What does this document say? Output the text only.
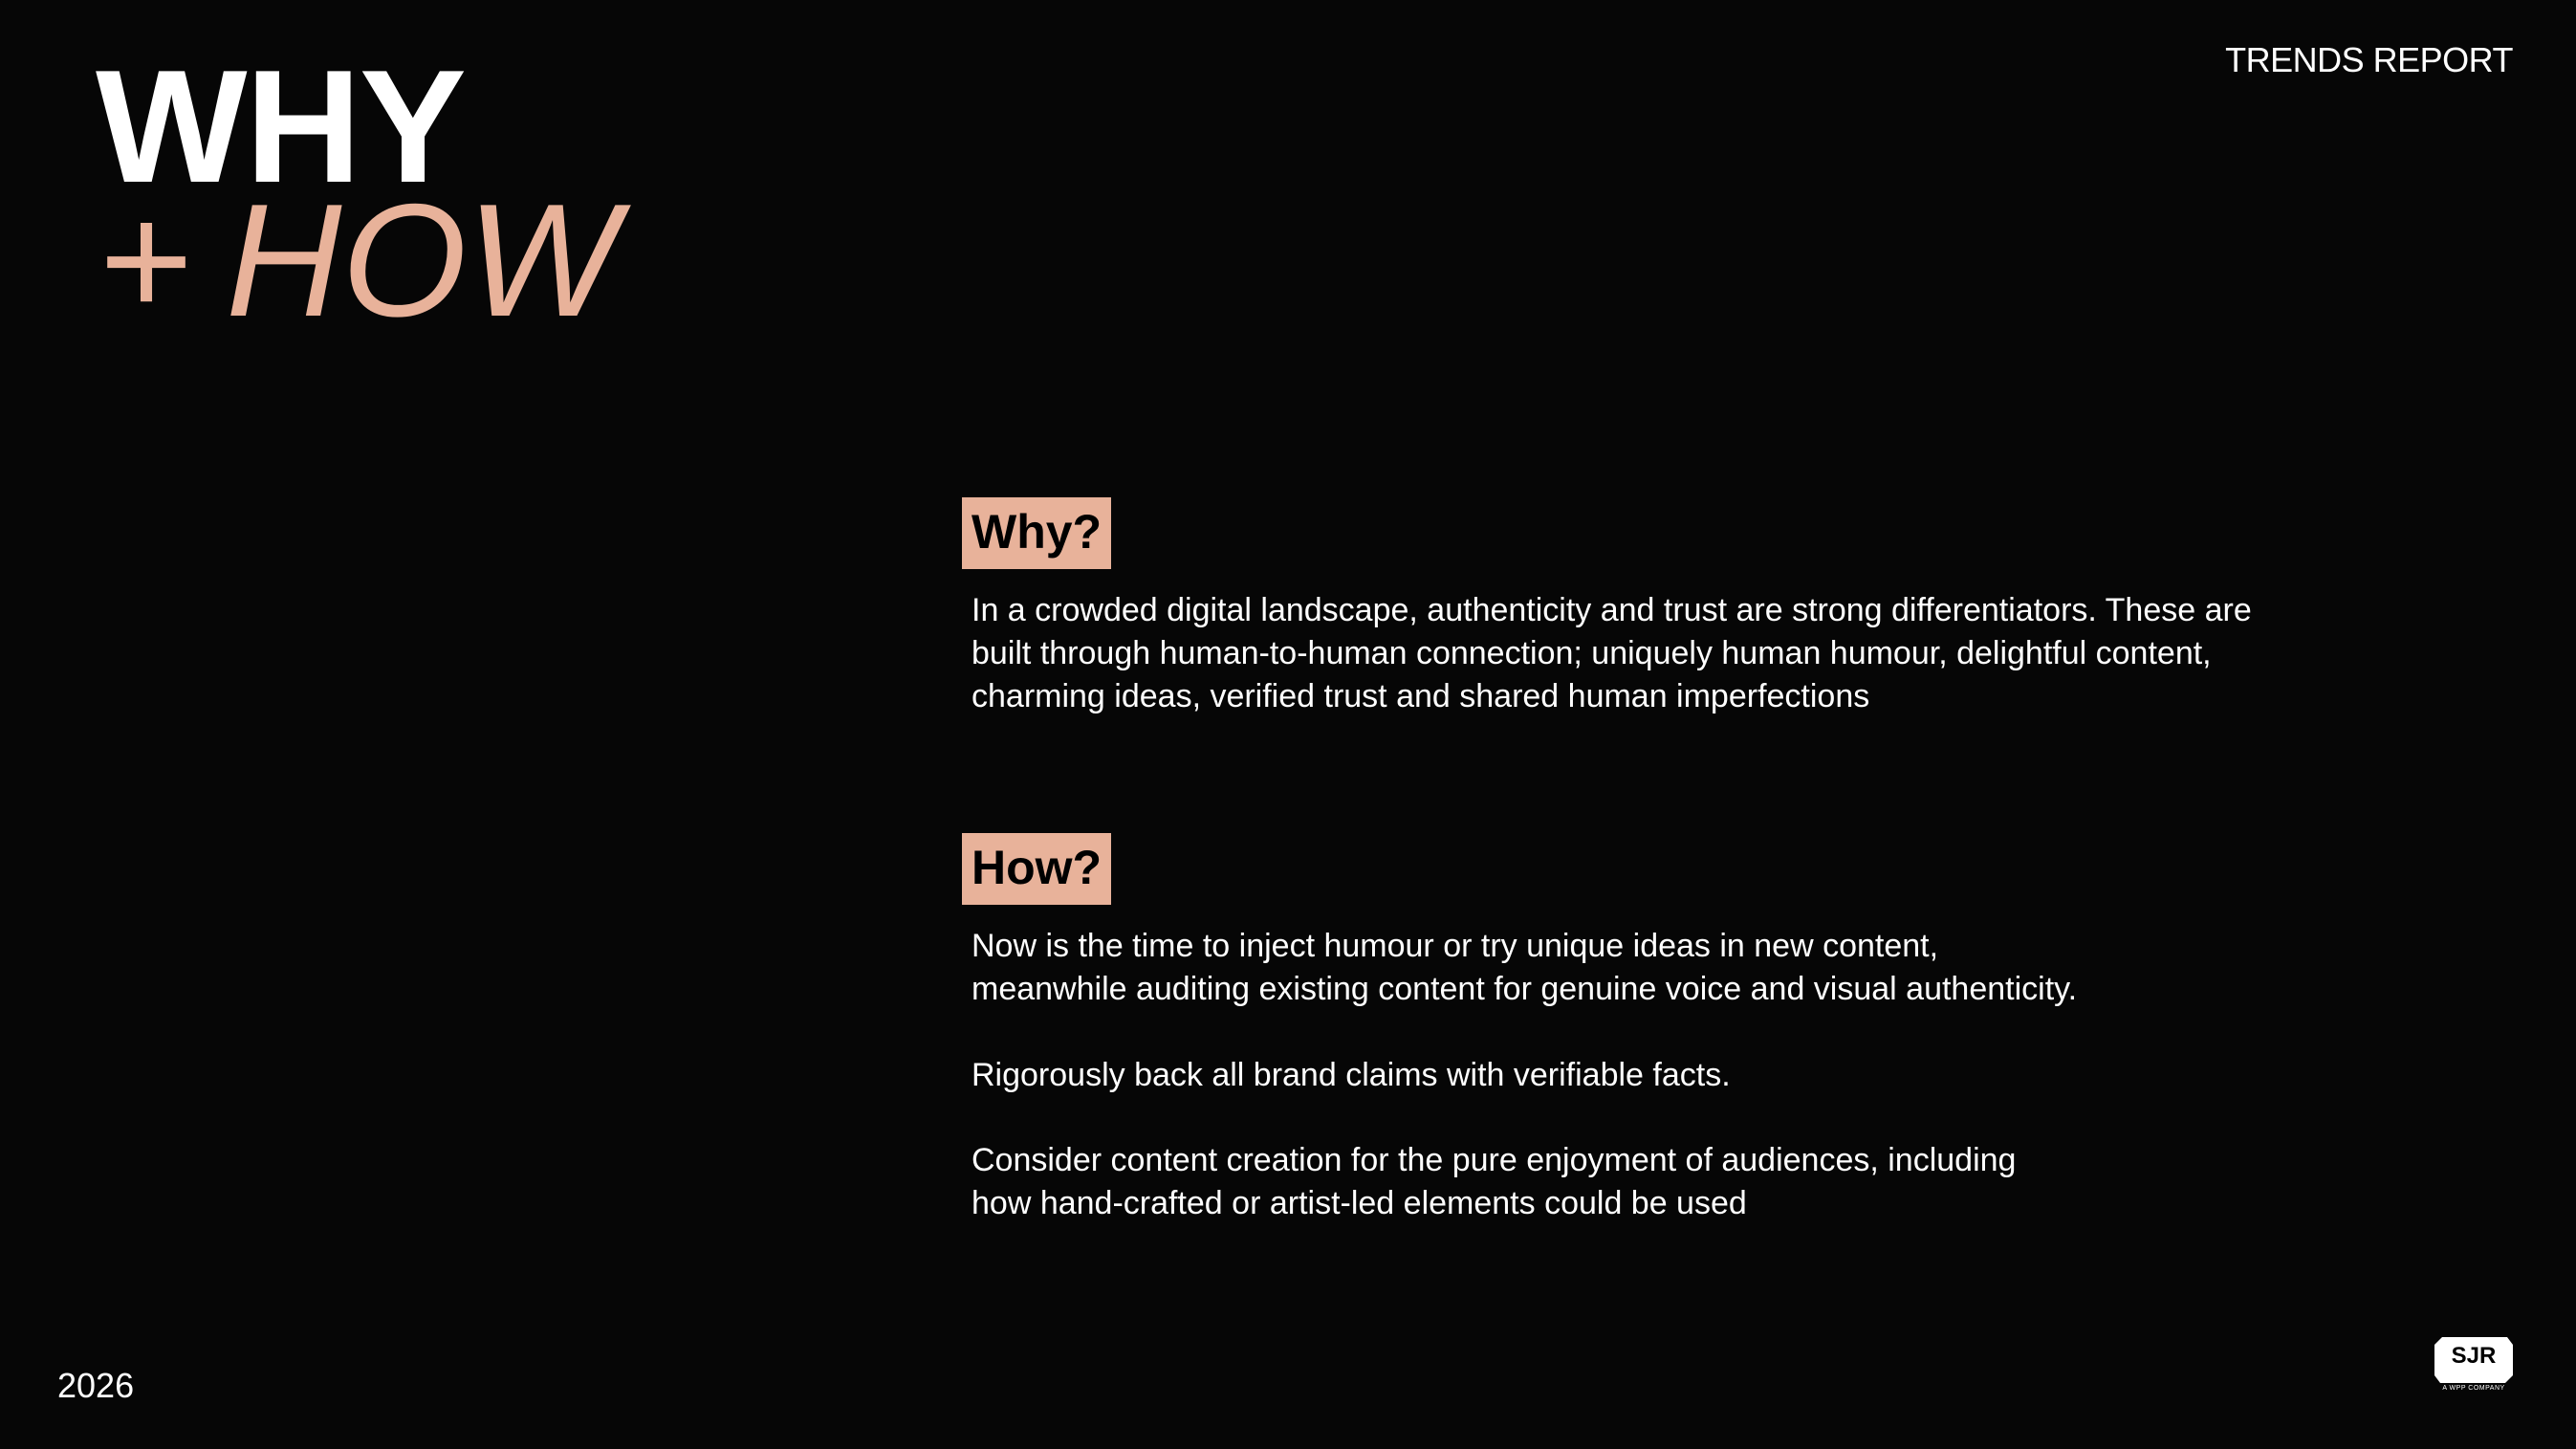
WHY
+ HOW
TRENDS REPORT
Why?

In a crowded digital landscape, authenticity and trust are strong differentiators. These are
built through human-to-human connection; uniquely human humour, delightful content,
charming ideas, verified trust and shared human imperfections

How?

Now is the time to inject humour or try unique ideas in new content,
meanwhile auditing existing content for genuine voice and visual authenticity.

Rigorously back all brand claims with verifiable facts.

Consider content creation for the pure enjoyment of audiences, including
how hand-crafted or artist-led elements could be used

2026
SJR
A WPP COMPANY
